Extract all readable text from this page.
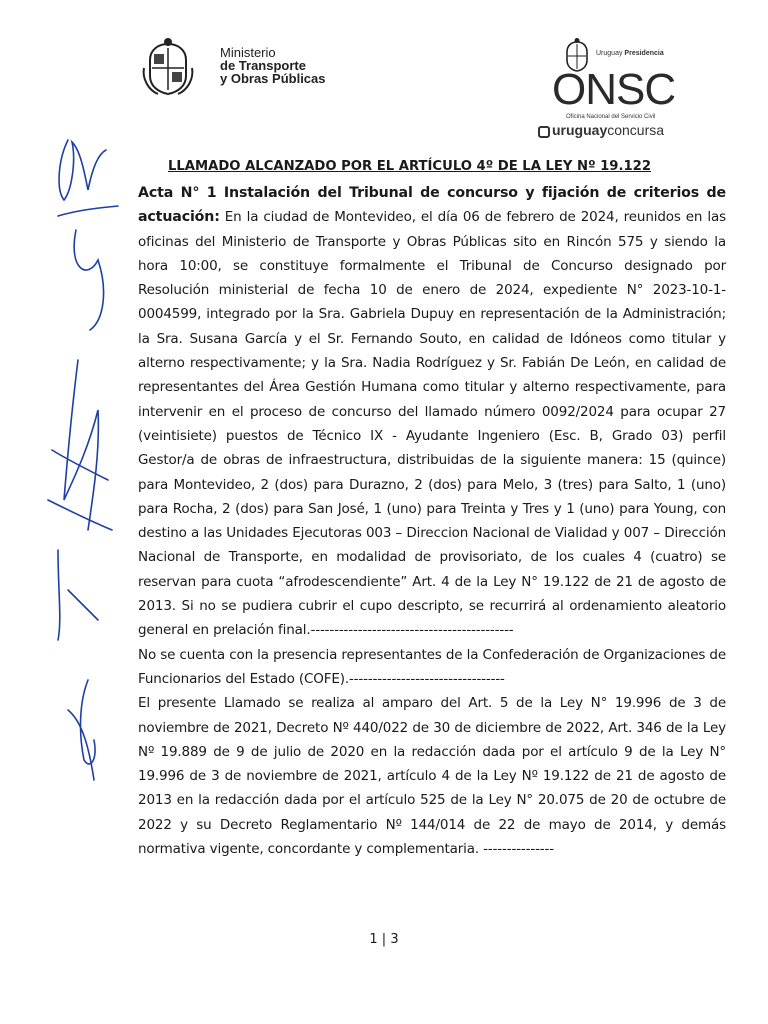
Ministerio
de Transporte
y Obras Públicas
Uruguay Presidencia
ONSC
Oficina Nacional del Servicio Civil
uruguayconcursa
LLAMADO ALCANZADO POR EL ARTÍCULO 4º DE LA LEY Nº 19.122

Acta N° 1 Instalación del Tribunal de concurso y fijación de criterios de actuación: En la ciudad de Montevideo, el día 06 de febrero de 2024, reunidos en las oficinas del Ministerio de Transporte y Obras Públicas sito en Rincón 575 y siendo la hora 10:00, se constituye formalmente el Tribunal de Concurso designado por Resolución ministerial de fecha 10 de enero de 2024, expediente N° 2023-10-1-0004599, integrado por la Sra. Gabriela Dupuy en representación de la Administración; la Sra. Susana García y el Sr. Fernando Souto, en calidad de Idóneos como titular y alterno respectivamente; y la Sra. Nadia Rodríguez y Sr. Fabián De León, en calidad de representantes del Área Gestión Humana como titular y alterno respectivamente, para intervenir en el proceso de concurso del llamado número 0092/2024 para ocupar 27 (veintisiete) puestos de Técnico IX - Ayudante Ingeniero (Esc. B, Grado 03) perfil Gestor/a de obras de infraestructura, distribuidas de la siguiente manera: 15 (quince) para Montevideo, 2 (dos) para Durazno, 2 (dos) para Melo, 3 (tres) para Salto, 1 (uno) para Rocha, 2 (dos) para San José, 1 (uno) para Treinta y Tres y 1 (uno) para Young, con destino a las Unidades Ejecutoras 003 – Direccion Nacional de Vialidad y 007 – Dirección Nacional de Transporte, en modalidad de provisoriato, de los cuales 4 (cuatro) se reservan para cuota “afrodescendiente” Art. 4 de la Ley N° 19.122 de 21 de agosto de 2013. Si no se pudiera cubrir el cupo descripto, se recurrirá al ordenamiento aleatorio general en prelación final.-------------------------------------------

No se cuenta con la presencia representantes de la Confederación de Organizaciones de Funcionarios del Estado (COFE).---------------------------------

El presente Llamado se realiza al amparo del Art. 5 de la Ley N° 19.996 de 3 de noviembre de 2021, Decreto Nº 440/022 de 30 de diciembre de 2022, Art. 346 de la Ley Nº 19.889 de 9 de julio de 2020 en la redacción dada por el artículo 9 de la Ley N° 19.996 de 3 de noviembre de 2021, artículo 4 de la Ley Nº 19.122 de 21 de agosto de 2013 en la redacción dada por el artículo 525 de la Ley N° 20.075 de 20 de octubre de 2022 y su Decreto Reglamentario Nº 144/014 de 22 de mayo de 2014, y demás normativa vigente, concordante y complementaria. ---------------

1 | 3
